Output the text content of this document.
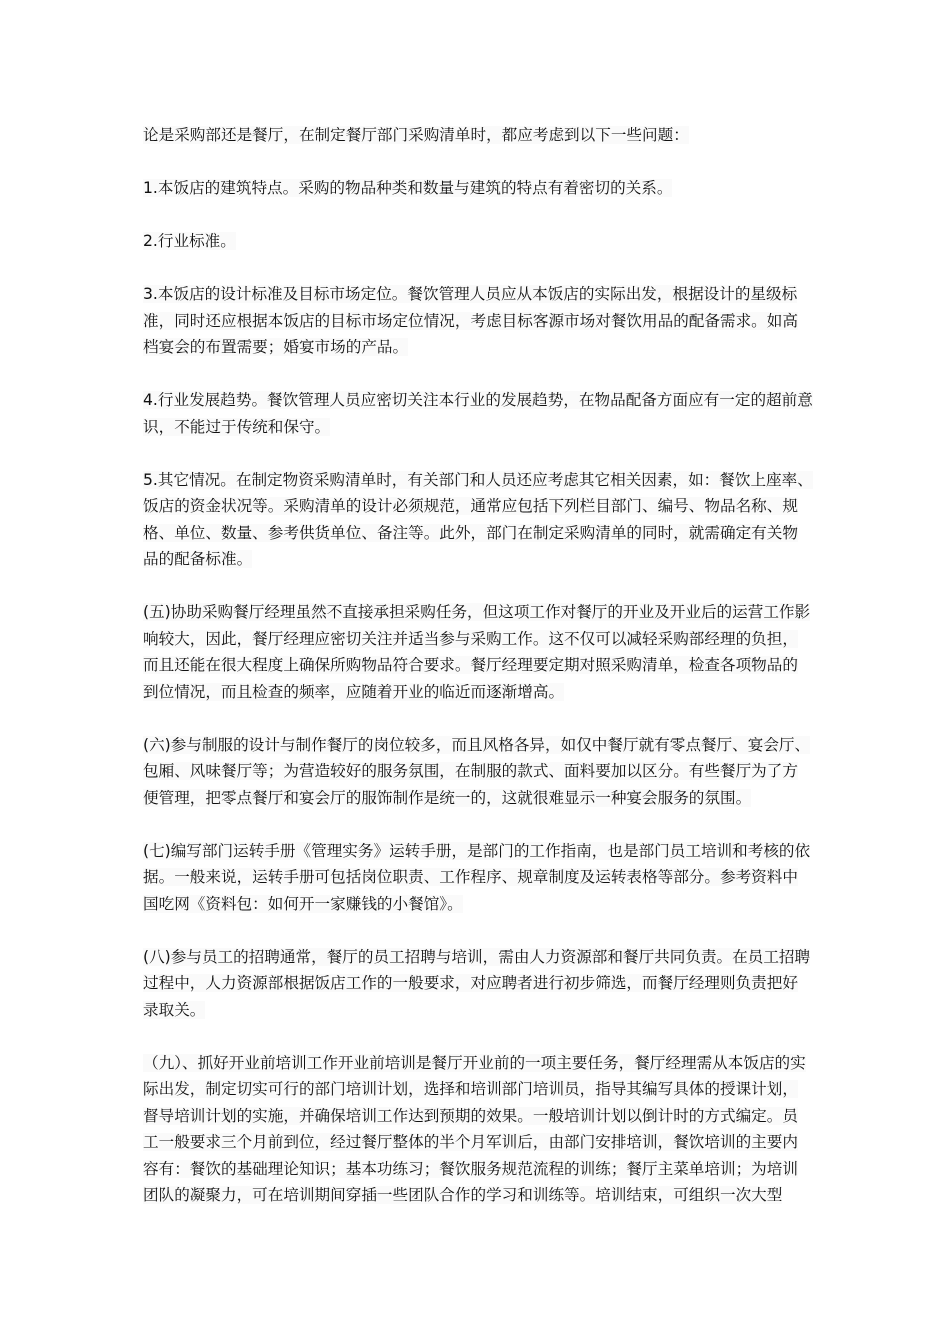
论是采购部还是餐厅，在制定餐厅部门采购清单时，都应考虑到以下一些问题：

1.本饭店的建筑特点。采购的物品种类和数量与建筑的特点有着密切的关系。

2.行业标准。

3.本饭店的设计标准及目标市场定位。餐饮管理人员应从本饭店的实际出发，根据设计的星级标准，同时还应根据本饭店的目标市场定位情况，考虑目标客源市场对餐饮用品的配备需求。如高档宴会的布置需要；婚宴市场的产品。

4.行业发展趋势。餐饮管理人员应密切关注本行业的发展趋势，在物品配备方面应有一定的超前意识，不能过于传统和保守。

5.其它情况。在制定物资采购清单时，有关部门和人员还应考虑其它相关因素，如：餐饮上座率、饭店的资金状况等。采购清单的设计必须规范，通常应包括下列栏目部门、编号、物品名称、规格、单位、数量、参考供货单位、备注等。此外，部门在制定采购清单的同时，就需确定有关物品的配备标准。

(五)协助采购餐厅经理虽然不直接承担采购任务，但这项工作对餐厅的开业及开业后的运营工作影响较大，因此，餐厅经理应密切关注并适当参与采购工作。这不仅可以减轻采购部经理的负担，而且还能在很大程度上确保所购物品符合要求。餐厅经理要定期对照采购清单，检查各项物品的到位情况，而且检查的频率，应随着开业的临近而逐渐增高。

(六)参与制服的设计与制作餐厅的岗位较多，而且风格各异，如仅中餐厅就有零点餐厅、宴会厅、包厢、风味餐厅等；为营造较好的服务氛围，在制服的款式、面料要加以区分。有些餐厅为了方便管理，把零点餐厅和宴会厅的服饰制作是统一的，这就很难显示一种宴会服务的氛围。

(七)编写部门运转手册《管理实务》运转手册，是部门的工作指南，也是部门员工培训和考核的依据。一般来说，运转手册可包括岗位职责、工作程序、规章制度及运转表格等部分。参考资料中国吃网《资料包：如何开一家赚钱的小餐馆》。

(八)参与员工的招聘通常，餐厅的员工招聘与培训，需由人力资源部和餐厅共同负责。在员工招聘过程中，人力资源部根据饭店工作的一般要求，对应聘者进行初步筛选，而餐厅经理则负责把好录取关。

（九）、抓好开业前培训工作开业前培训是餐厅开业前的一项主要任务，餐厅经理需从本饭店的实际出发，制定切实可行的部门培训计划，选择和培训部门培训员，指导其编写具体的授课计划，督导培训计划的实施，并确保培训工作达到预期的效果。一般培训计划以倒计时的方式编定。员工一般要求三个月前到位，经过餐厅整体的半个月军训后，由部门安排培训，餐饮培训的主要内容有：餐饮的基础理论知识；基本功练习；餐饮服务规范流程的训练；餐厅主菜单培训；为培训团队的凝聚力，可在培训期间穿插一些团队合作的学习和训练等。培训结束，可组织一次大型
